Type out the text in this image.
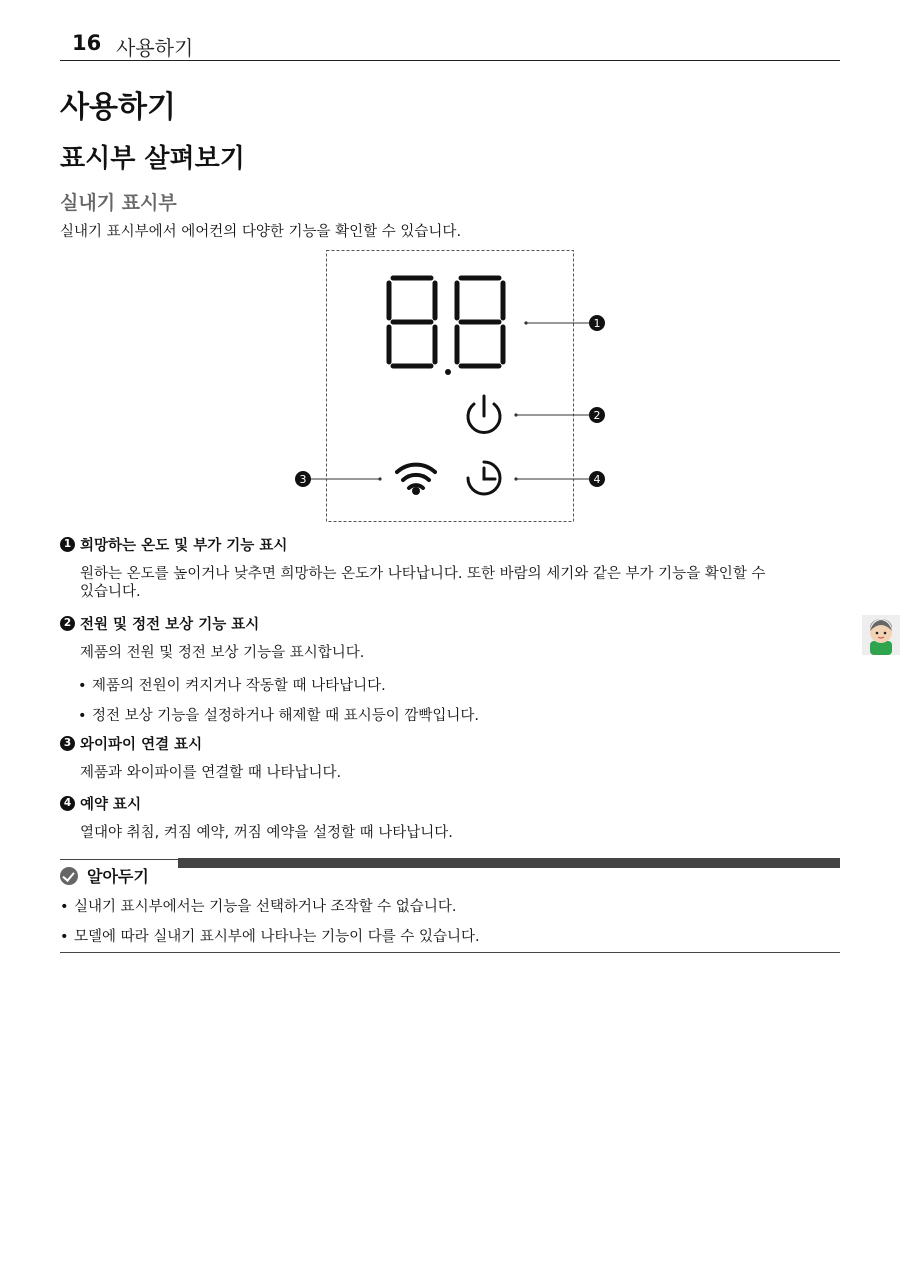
16 사용하기
사용하기
표시부 살펴보기
실내기 표시부
실내기 표시부에서 에어컨의 다양한 기능을 확인할 수 있습니다.
1
2
3	4
1 희망하는 온도 및 부가 기능 표시
원하는 온도를 높이거나 낮추면 희망하는 온도가 나타납니다. 또한 바람의 세기와 같은 부가 기능을 확인할 수
있습니다.
2 전원 및 정전 보상 기능 표시
제품의 전원 및 정전 보상 기능을 표시합니다.
• 제품의 전원이 켜지거나 작동할 때 나타납니다.
• 정전 보상 기능을 설정하거나 해제할 때 표시등이 깜빡입니다.
3 와이파이 연결 표시
제품과 와이파이를 연결할 때 나타납니다.
4 예약 표시
열대야 취침, 켜짐 예약, 꺼짐 예약을 설정할 때 나타납니다.
알아두기
• 실내기 표시부에서는 기능을 선택하거나 조작할 수 없습니다.
• 모델에 따라 실내기 표시부에 나타나는 기능이 다를 수 있습니다.
